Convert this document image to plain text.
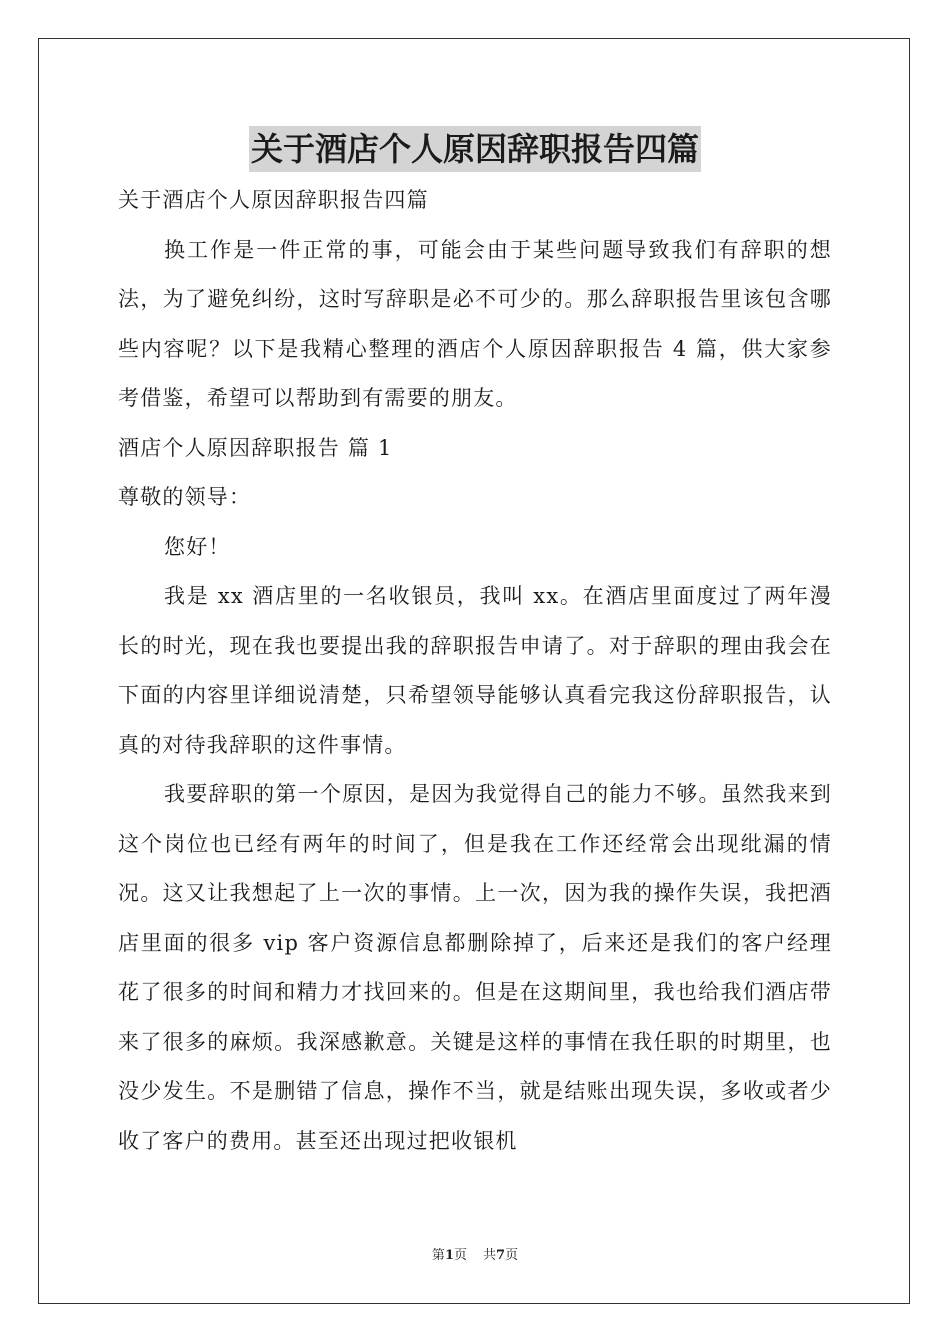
关于酒店个人原因辞职报告四篇

关于酒店个人原因辞职报告四篇

换工作是一件正常的事，可能会由于某些问题导致我们有辞职的想法，为了避免纠纷，这时写辞职是必不可少的。那么辞职报告里该包含哪些内容呢？以下是我精心整理的酒店个人原因辞职报告 4 篇，供大家参考借鉴，希望可以帮助到有需要的朋友。

酒店个人原因辞职报告 篇 1

尊敬的领导：

您好！

我是 xx 酒店里的一名收银员，我叫 xx。在酒店里面度过了两年漫长的时光，现在我也要提出我的辞职报告申请了。对于辞职的理由我会在下面的内容里详细说清楚，只希望领导能够认真看完我这份辞职报告，认真的对待我辞职的这件事情。

我要辞职的第一个原因，是因为我觉得自己的能力不够。虽然我来到这个岗位也已经有两年的时间了，但是我在工作还经常会出现纰漏的情况。这又让我想起了上一次的事情。上一次，因为我的操作失误，我把酒店里面的很多 vip 客户资源信息都删除掉了，后来还是我们的客户经理花了很多的时间和精力才找回来的。但是在这期间里，我也给我们酒店带来了很多的麻烦。我深感歉意。关键是这样的事情在我任职的时期里，也没少发生。不是删错了信息，操作不当，就是结账出现失误，多收或者少收了客户的费用。甚至还出现过把收银机

第1页 共7页
